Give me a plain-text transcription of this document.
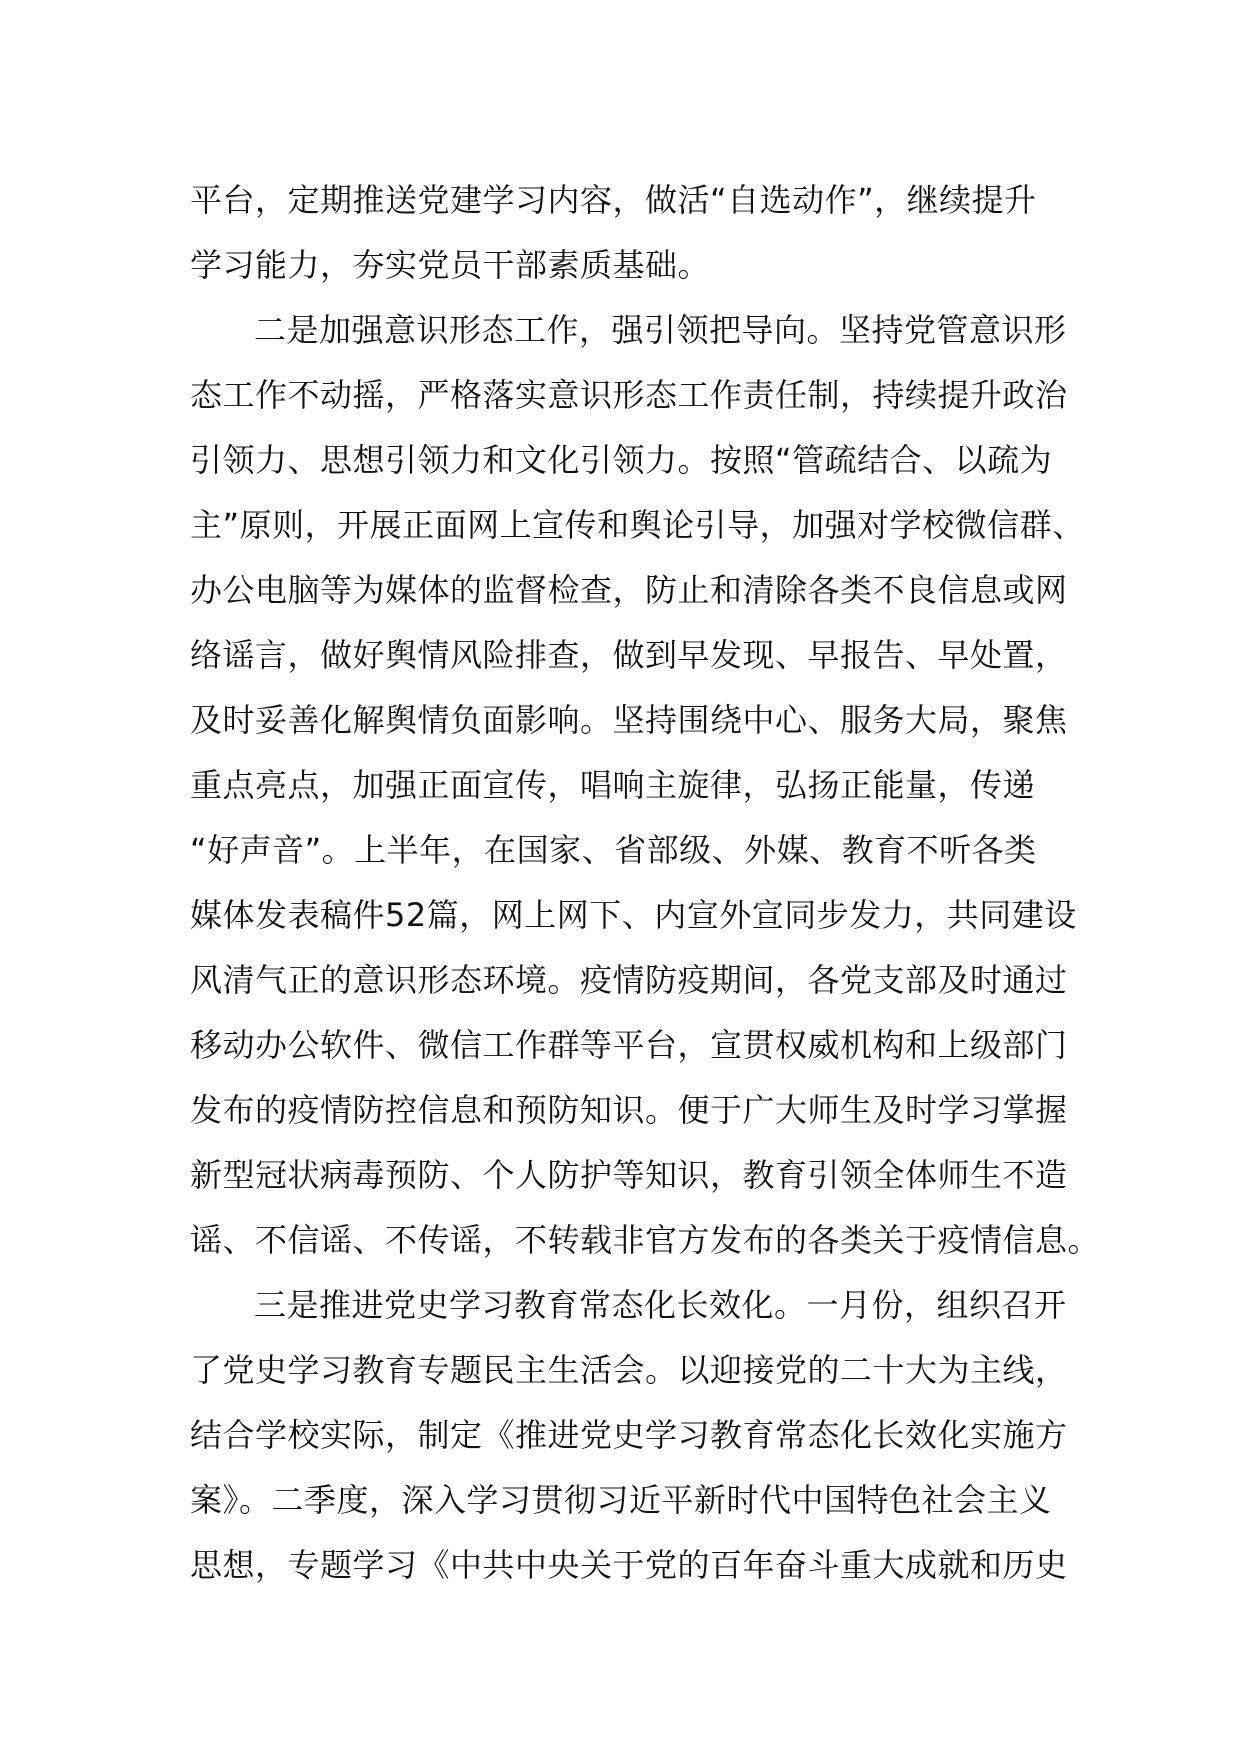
平台，定期推送党建学习内容，做活“自选动作”，继续提升
学习能力，夯实党员干部素质基础。
二是加强意识形态工作，强引领把导向。坚持党管意识形
态工作不动摇，严格落实意识形态工作责任制，持续提升政治
引领力、思想引领力和文化引领力。按照“管疏结合、以疏为
主”原则，开展正面网上宣传和舆论引导，加强对学校微信群、
办公电脑等为媒体的监督检查，防止和清除各类不良信息或网
络谣言，做好舆情风险排查，做到早发现、早报告、早处置，
及时妥善化解舆情负面影响。坚持围绕中心、服务大局，聚焦
重点亮点，加强正面宣传，唱响主旋律，弘扬正能量，传递
“好声音”。上半年，在国家、省部级、外媒、教育不听各类
媒体发表稿件52篇，网上网下、内宣外宣同步发力，共同建设
风清气正的意识形态环境。疫情防疫期间，各党支部及时通过
移动办公软件、微信工作群等平台，宣贯权威机构和上级部门
发布的疫情防控信息和预防知识。便于广大师生及时学习掌握
新型冠状病毒预防、个人防护等知识，教育引领全体师生不造
谣、不信谣、不传谣，不转载非官方发布的各类关于疫情信息。
三是推进党史学习教育常态化长效化。一月份，组织召开
了党史学习教育专题民主生活会。以迎接党的二十大为主线，
结合学校实际，制定《推进党史学习教育常态化长效化实施方
案》。二季度，深入学习贯彻习近平新时代中国特色社会主义
思想，专题学习《中共中央关于党的百年奋斗重大成就和历史
